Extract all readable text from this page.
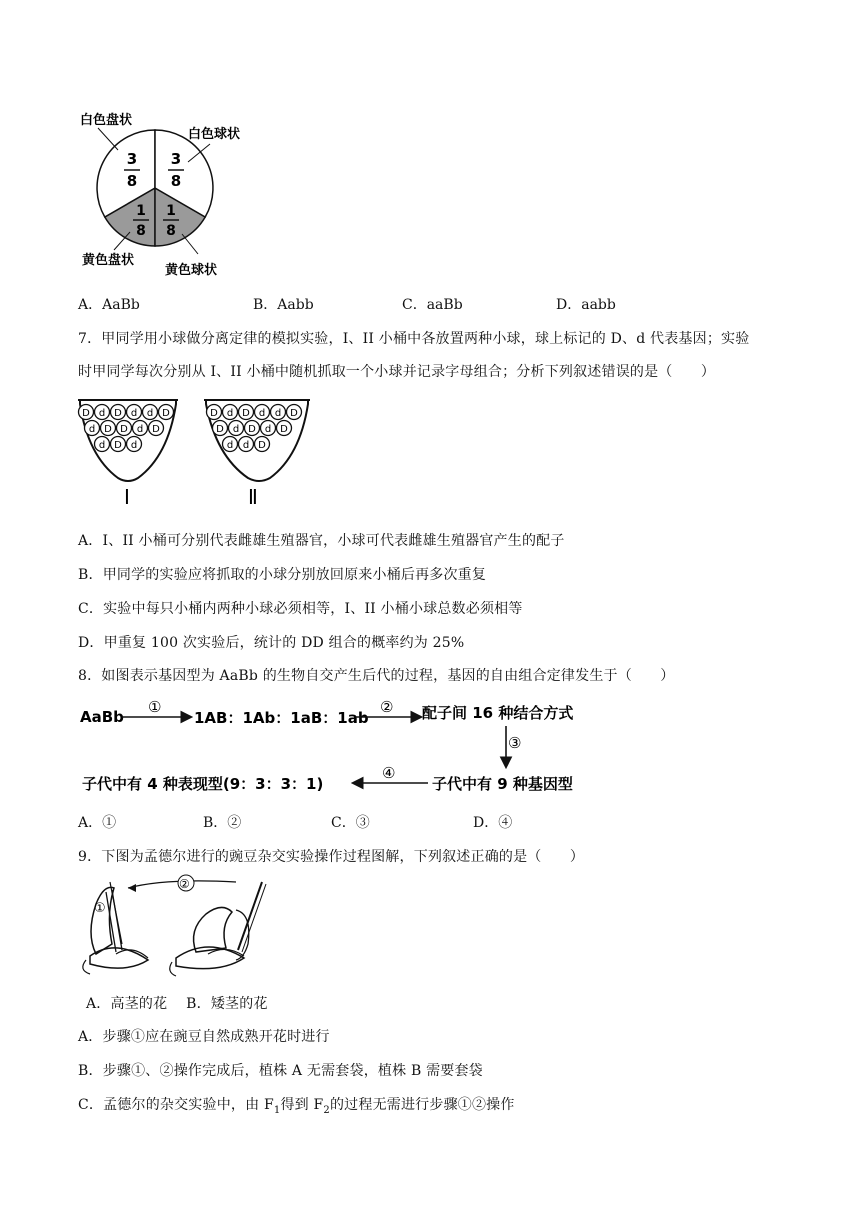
3
8
3
8
1
8
1
8
白色盘状
白色球状
黄色盘状
黄色球状
A．AaBb	B．Aabb	C．aaBb	D．aabb
7．甲同学用小球做分离定律的模拟实验，I、II 小桶中各放置两种小球，球上标记的 D、d 代表基因；实验
时甲同学每次分别从 I、II 小桶中随机抓取一个小球并记录字母组合；分析下列叙述错误的是（　　）
D d D d d D
d D D d D
d D d
D d D d d D
D d D d D
d d D
I	Ⅱ
A．I、II 小桶可分别代表雌雄生殖器官，小球可代表雌雄生殖器官产生的配子
B．甲同学的实验应将抓取的小球分别放回原来小桶后再多次重复
C．实验中每只小桶内两种小球必须相等，I、II 小桶小球总数必须相等
D．甲重复 100 次实验后，统计的 DD 组合的概率约为 25%
8．如图表示基因型为 AaBb 的生物自交产生后代的过程，基因的自由组合定律发生于（　　）
AaBb
①
1AB：1Ab：1aB：1ab
② 配子间 16 种结合方式
③
子代中有 9 种基因型
④
子代中有 4 种表现型(9：3：3：1)
A．①	B．②	C．③	D．④
9．下图为孟德尔进行的豌豆杂交实验操作过程图解，下列叙述正确的是（　　）
①
②
A．高茎的花　 B．矮茎的花
A．步骤①应在豌豆自然成熟开花时进行
B．步骤①、②操作完成后，植株 A 无需套袋，植株 B 需要套袋
C．孟德尔的杂交实验中，由 $F_1$得到 $F_2$的过程无需进行步骤①②操作
